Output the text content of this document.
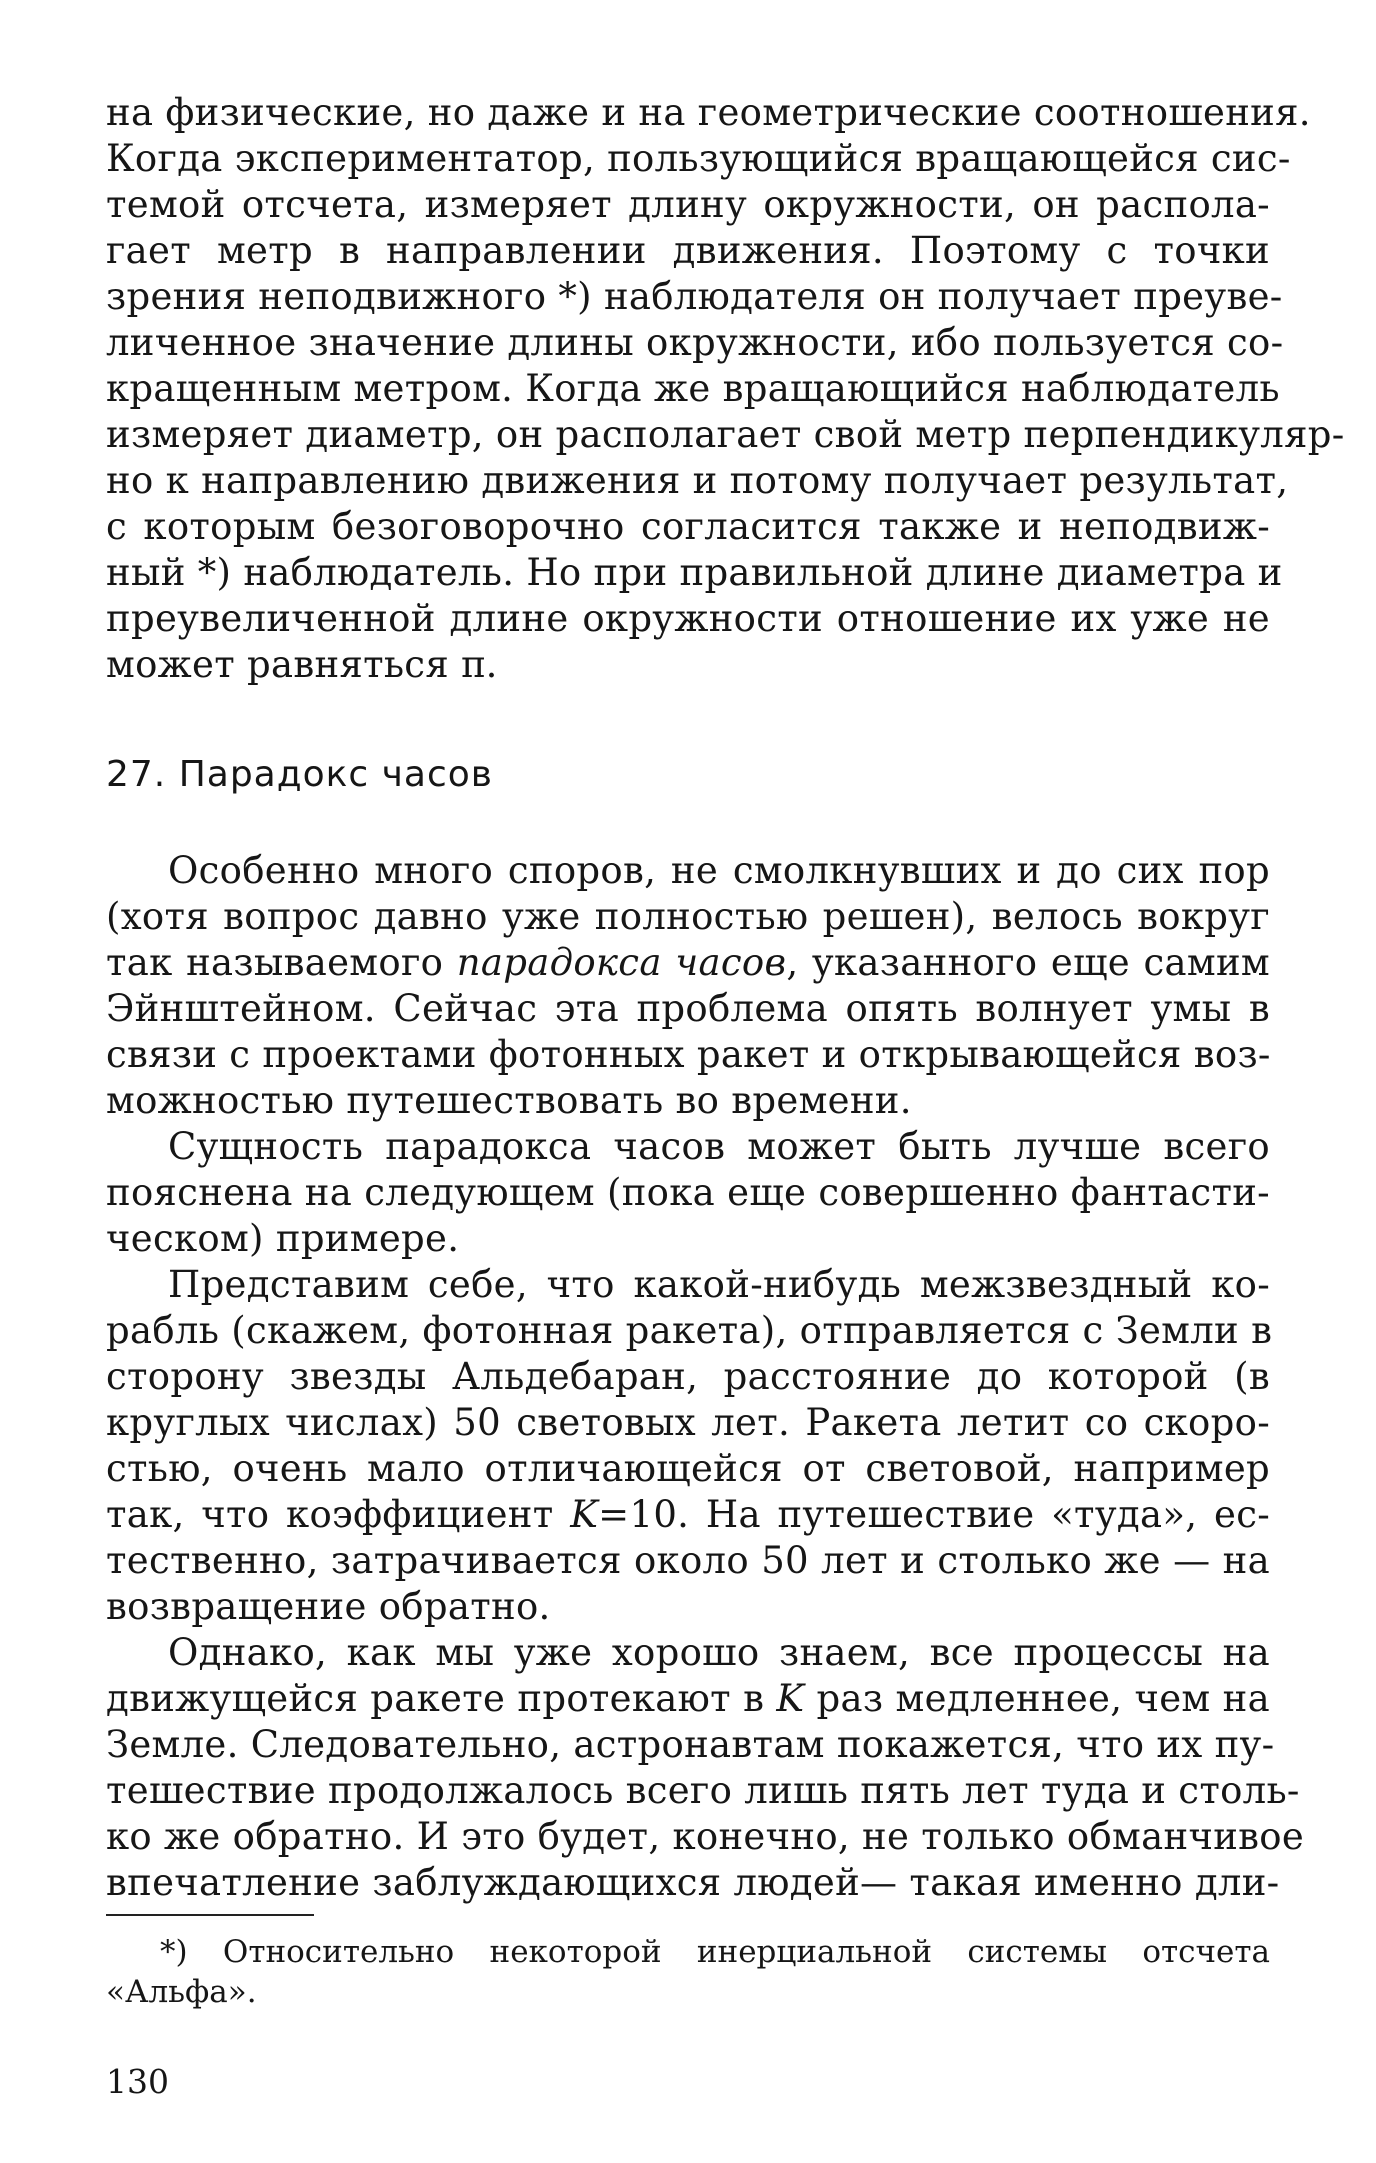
на физические, но даже и на геометрические соотношения.
Когда экспериментатор, пользующийся вращающейся сис-
темой отсчета, измеряет длину окружности, он распола-
гает метр в направлении движения. Поэтому с точки
зрения неподвижного *) наблюдателя он получает преуве-
личенное значение длины окружности, ибо пользуется со-
кращенным метром. Когда же вращающийся наблюдатель
измеряет диаметр, он располагает свой метр перпендикуляр-
но к направлению движения и потому получает результат,
с которым безоговорочно согласится также и неподвиж-
ный *) наблюдатель. Но при правильной длине диаметра и
преувеличенной длине окружности отношение их уже не
может равняться π.
27. Парадокс часов
Особенно много споров, не смолкнувших и до сих пор
(хотя вопрос давно уже полностью решен), велось вокруг
так называемого парадокса часов, указанного еще самим
Эйнштейном. Сейчас эта проблема опять волнует умы в
связи с проектами фотонных ракет и открывающейся воз-
можностью путешествовать во времени.
Сущность парадокса часов может быть лучше всего
пояснена на следующем (пока еще совершенно фантасти-
ческом) примере.
Представим себе, что какой-нибудь межзвездный ко-
рабль (скажем, фотонная ракета), отправляется с Земли в
сторону звезды Альдебаран, расстояние до которой (в
круглых числах) 50 световых лет. Ракета летит со скоро-
стью, очень мало отличающейся от световой, например
так, что коэффициент K=10. На путешествие «туда», ес-
тественно, затрачивается около 50 лет и столько же — на
возвращение обратно.
Однако, как мы уже хорошо знаем, все процессы на
движущейся ракете протекают в K раз медленнее, чем на
Земле. Следовательно, астронавтам покажется, что их пу-
тешествие продолжалось всего лишь пять лет туда и столь-
ко же обратно. И это будет, конечно, не только обманчивое
впечатление заблуждающихся людей— такая именно дли-
*) Относительно некоторой инерциальной системы отсчета
«Альфа».
130
